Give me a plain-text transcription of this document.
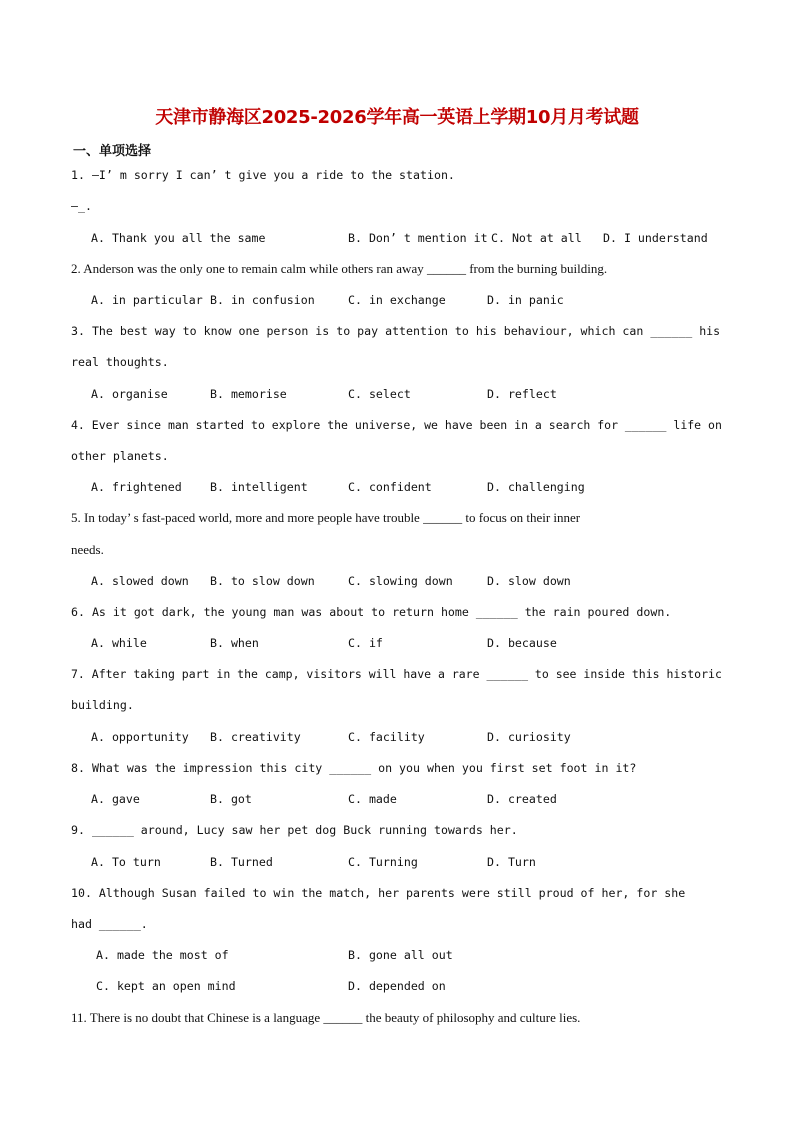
天津市静海区2025-2026学年高一英语上学期10月月考试题
一、单项选择
1. —I’ m sorry I can’ t give you a ride to the station.
—_.
A. Thank you all the same	B. Don’ t mention it C. Not at all D. I understand
2. Anderson was the only one to remain calm while others ran away ______ from the burning building.
A. in particular B. in confusion	C. in exchange	D. in panic
3. The best way to know one person is to pay attention to his behaviour, which can ______ his
real thoughts.
A. organise	B. memorise	C. select	D. reflect
4. Ever since man started to explore the universe, we have been in a search for ______ life on
other planets.
A. frightened B. intelligent	C. confident	D. challenging
5. In today’ s fast-paced world, more and more people have trouble ______ to focus on their inner
needs.
A. slowed down B. to slow down	C. slowing down	D. slow down
6. As it got dark, the young man was about to return home ______ the rain poured down.
A. while	B. when	C. if	D. because
7. After taking part in the camp, visitors will have a rare ______ to see inside this historic
building.
A. opportunity B. creativity	C. facility	D. curiosity
8. What was the impression this city ______ on you when you first set foot in it?
A. gave	B. got	C. made	D. created
9. ______ around, Lucy saw her pet dog Buck running towards her.
A. To turn	B. Turned	C. Turning	D. Turn
10. Although Susan failed to win the match, her parents were still proud of her, for she
had ______.
A. made the most of	B. gone all out
C. kept an open mind	D. depended on
11. There is no doubt that Chinese is a language ______ the beauty of philosophy and culture lies.
